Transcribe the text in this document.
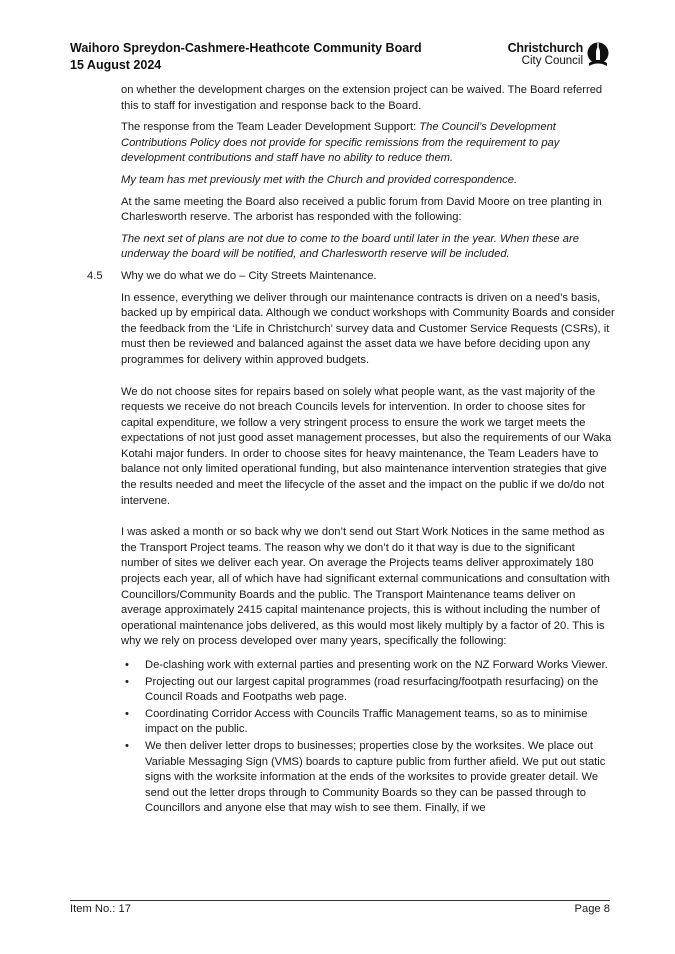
Waihoro Spreydon-Cashmere-Heathcote Community Board
15 August 2024
Christchurch
City Council

on whether the development charges on the extension project can be waived. The Board referred this to staff for investigation and response back to the Board.

The response from the Team Leader Development Support: The Council’s Development Contributions Policy does not provide for specific remissions from the requirement to pay development contributions and staff have no ability to reduce them.

My team has met previously met with the Church and provided correspondence.

At the same meeting the Board also received a public forum from David Moore on tree planting in Charlesworth reserve. The arborist has responded with the following:

The next set of plans are not due to come to the board until later in the year. When these are underway the board will be notified, and Charlesworth reserve will be included.

4.5	Why we do what we do – City Streets Maintenance.

In essence, everything we deliver through our maintenance contracts is driven on a need’s basis, backed up by empirical data. Although we conduct workshops with Community Boards and consider the feedback from the ‘Life in Christchurch’ survey data and Customer Service Requests (CSRs), it must then be reviewed and balanced against the asset data we have before deciding upon any programmes for delivery within approved budgets.

We do not choose sites for repairs based on solely what people want, as the vast majority of the requests we receive do not breach Councils levels for intervention. In order to choose sites for capital expenditure, we follow a very stringent process to ensure the work we target meets the expectations of not just good asset management processes, but also the requirements of our Waka Kotahi major funders. In order to choose sites for heavy maintenance, the Team Leaders have to balance not only limited operational funding, but also maintenance intervention strategies that give the results needed and meet the lifecycle of the asset and the impact on the public if we do/do not intervene.

I was asked a month or so back why we don’t send out Start Work Notices in the same method as the Transport Project teams. The reason why we don’t do it that way is due to the significant number of sites we deliver each year. On average the Projects teams deliver approximately 180 projects each year, all of which have had significant external communications and consultation with Councillors/Community Boards and the public. The Transport Maintenance teams deliver on average approximately 2415 capital maintenance projects, this is without including the number of operational maintenance jobs delivered, as this would most likely multiply by a factor of 20. This is why we rely on process developed over many years, specifically the following:

• De-clashing work with external parties and presenting work on the NZ Forward Works Viewer.
• Projecting out our largest capital programmes (road resurfacing/footpath resurfacing) on the Council Roads and Footpaths web page.
• Coordinating Corridor Access with Councils Traffic Management teams, so as to minimise impact on the public.
• We then deliver letter drops to businesses; properties close by the worksites. We place out Variable Messaging Sign (VMS) boards to capture public from further afield. We put out static signs with the worksite information at the ends of the worksites to provide greater detail. We send out the letter drops through to Community Boards so they can be passed through to Councillors and anyone else that may wish to see them. Finally, if we
Item No.: 17	Page 8
